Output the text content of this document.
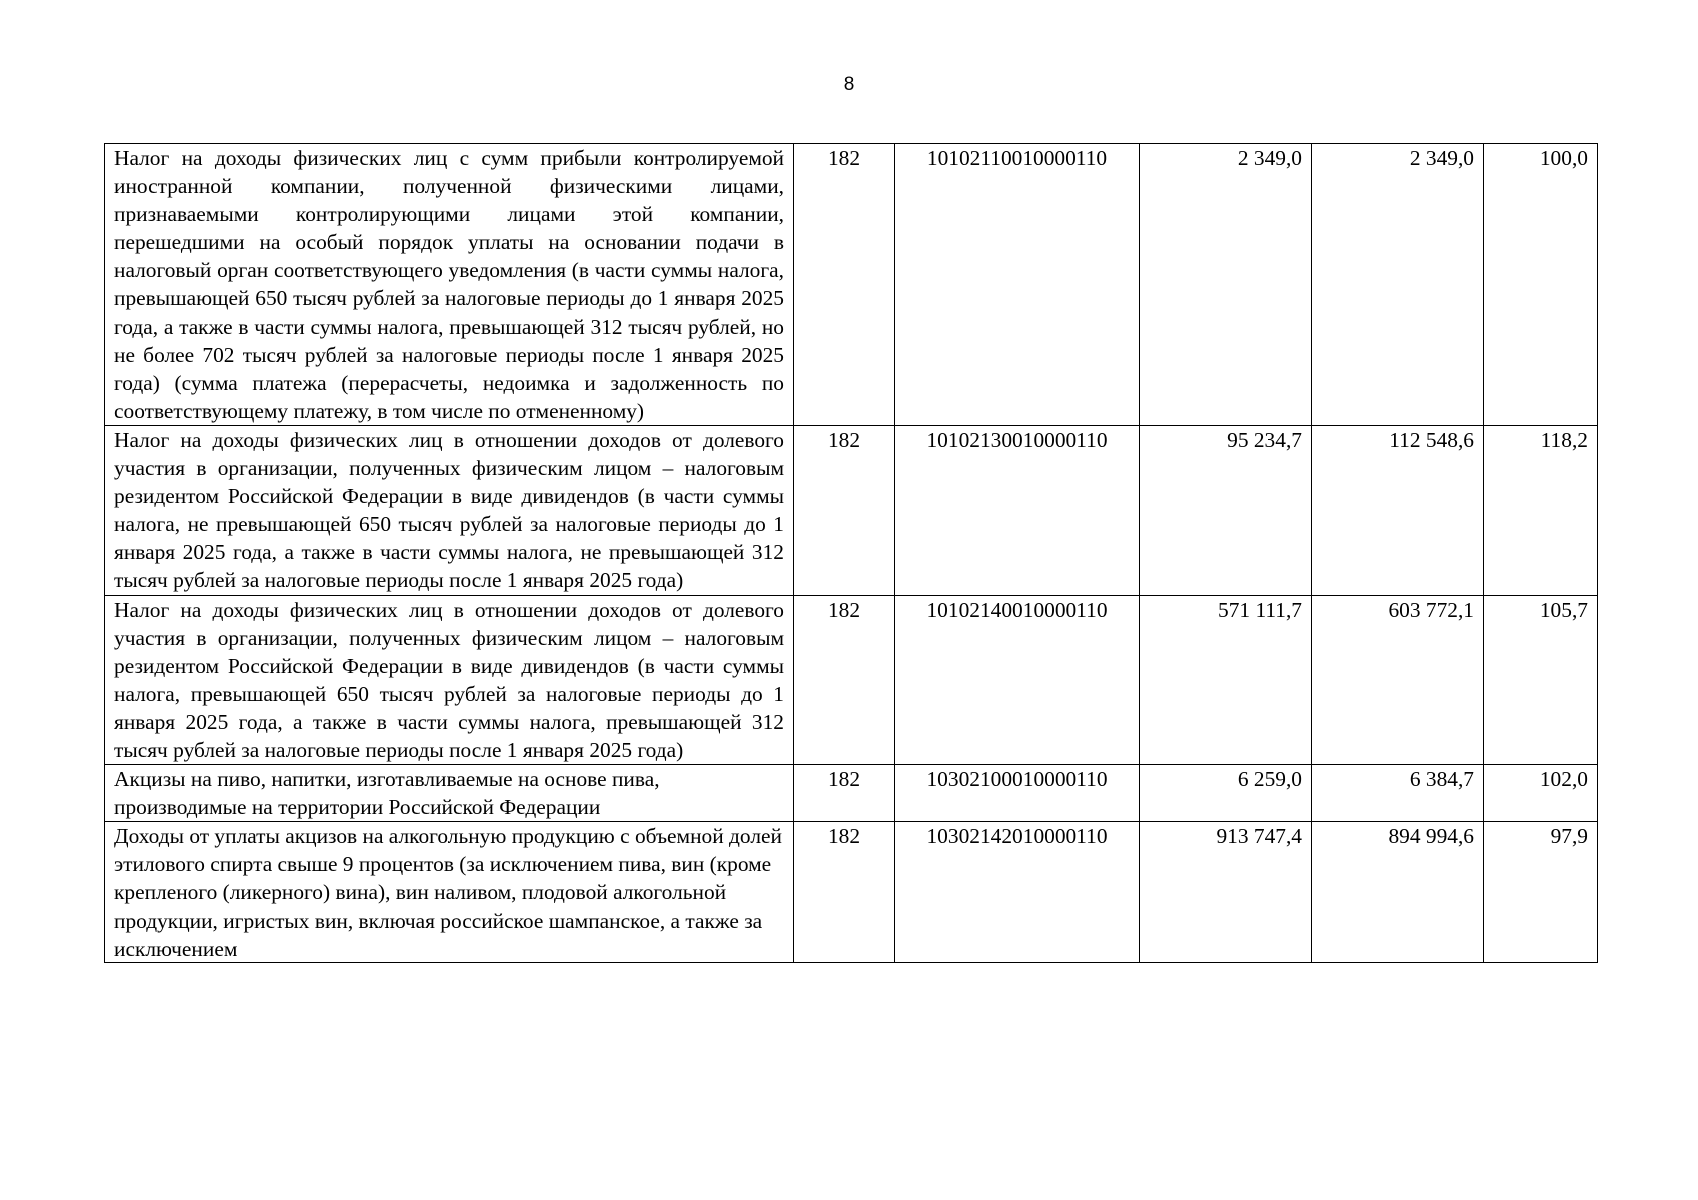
8
Налог на доходы физических лиц с сумм прибыли контролируемой иностранной компании, полученной физическими лицами, признаваемыми контролирующими лицами этой компании, перешедшими на особый порядок уплаты на основании подачи в налоговый орган соответствующего уведомления (в части суммы налога, превышающей 650 тысяч рублей за налоговые периоды до 1 января 2025 года, а также в части суммы налога, превышающей 312 тысяч рублей, но не более 702 тысяч рублей за налоговые периоды после 1 января 2025 года) (сумма платежа (перерасчеты, недоимка и задолженность по соответствующему платежу, в том числе по отмененному)	182	10102110010000110	2 349,0	2 349,0	100,0
Налог на доходы физических лиц в отношении доходов от долевого участия в организации, полученных физическим лицом – налоговым резидентом Российской Федерации в виде дивидендов (в части суммы налога, не превышающей 650 тысяч рублей за налоговые периоды до 1 января 2025 года, а также в части суммы налога, не превышающей 312 тысяч рублей за налоговые периоды после 1 января 2025 года)	182	10102130010000110	95 234,7	112 548,6	118,2
Налог на доходы физических лиц в отношении доходов от долевого участия в организации, полученных физическим лицом – налоговым резидентом Российской Федерации в виде дивидендов (в части суммы налога, превышающей 650 тысяч рублей за налоговые периоды до 1 января 2025 года, а также в части суммы налога, превышающей 312 тысяч рублей за налоговые периоды после 1 января 2025 года)	182	10102140010000110	571 111,7	603 772,1	105,7
Акцизы на пиво, напитки, изготавливаемые на основе пива, производимые на территории Российской Федерации	182	10302100010000110	6 259,0	6 384,7	102,0

Доходы от уплаты акцизов на алкогольную продукцию с объемной долей этилового спирта свыше 9 процентов (за исключением пива, вин (кроме крепленого (ликерного) вина), вин наливом, плодовой алкогольной продукции, игристых вин, включая российское шампанское, а также за исключением	182	10302142010000110	913 747,4	894 994,6	97,9
